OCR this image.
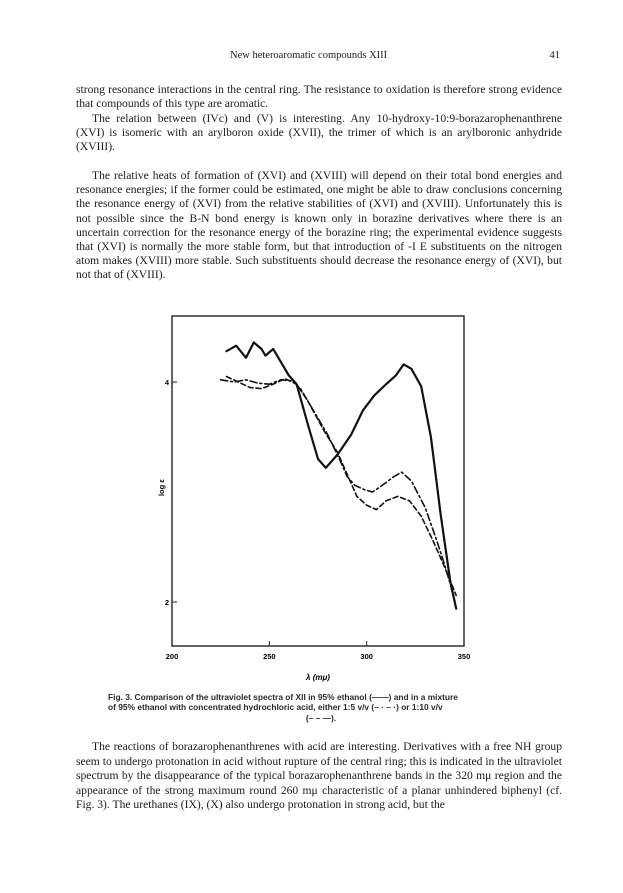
New heteroaromatic compounds XIII	41

strong resonance interactions in the central ring. The resistance to oxidation is therefore strong evidence that compounds of this type are aromatic.

The relation between (IVc) and (V) is interesting. Any 10-hydroxy-10:9-borazarophenanthrene (XVI) is isomeric with an arylboron oxide (XVII), the trimer of which is an arylboronic anhydride (XVIII).

The relative heats of formation of (XVI) and (XVIII) will depend on their total bond energies and resonance energies; if the former could be estimated, one might be able to draw conclusions concerning the resonance energy of (XVI) from the relative stabilities of (XVI) and (XVIII). Unfortunately this is not possible since the B-N bond energy is known only in borazine derivatives where there is an uncertain correction for the resonance energy of the borazine ring; the experimental evidence suggests that (XVI) is normally the more stable form, but that introduction of -I E substituents on the nitrogen atom makes (XVIII) more stable. Such substituents should decrease the resonance energy of (XVI), but not that of (XVIII).

200	250	300	350
2
4
log ε
λ (mμ)
Fig. 3. Comparison of the ultraviolet spectra of XII in 95% ethanol (——) and in a mixture
of 95% ethanol with concentrated hydrochloric acid, either 1:5 v/v (– · – ·) or 1:10 v/v
(– – —).

The reactions of borazarophenanthrenes with acid are interesting. Derivatives with a free NH group seem to undergo protonation in acid without rupture of the central ring; this is indicated in the ultraviolet spectrum by the disappearance of the typical borazarophenanthrene bands in the 320 mμ region and the appearance of the strong maximum round 260 mμ characteristic of a planar unhindered biphenyl (cf. Fig. 3). The urethanes (IX), (X) also undergo protonation in strong acid, but the
